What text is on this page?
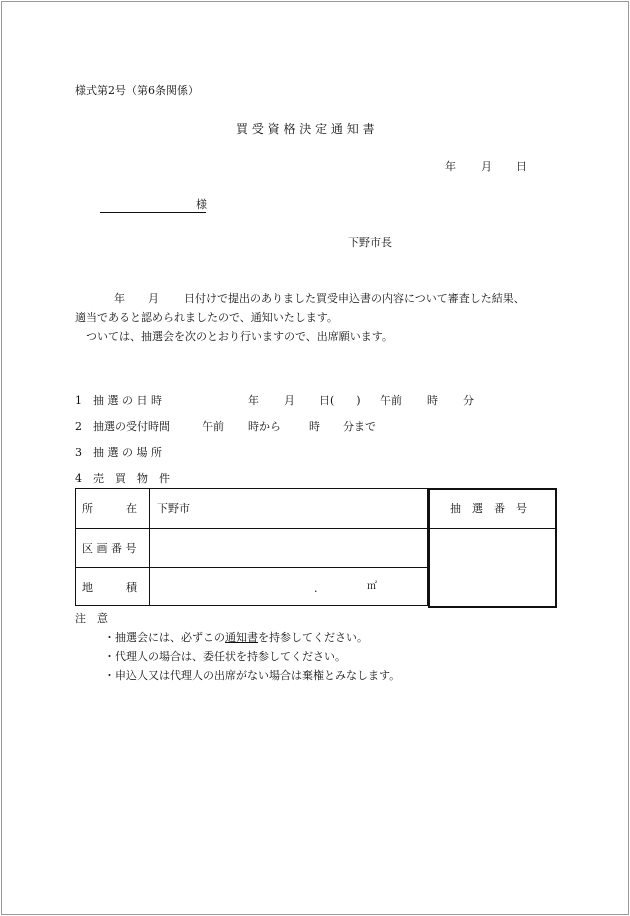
様式第2号（第6条関係）
買 受 資 格 決 定 通 知 書
年 月 日
様
下野市長
年 月 日付けで提出のありました買受申込書の内容について審査した結果、
適当であると認められましたので、通知いたします。
ついては、抽選会を次のとおり行いますので、出席願います。
1　抽 選 の 日 時	年 月 日(　　) 午前 時 分
2　抽選の受付時間	午前 時から	時 分まで
3　抽 選 の 場 所
4　売　買　物　件
所　　　在 下野市
区 画 番 号
地　　　積	.	㎡
抽　選　番　号
注　意
・抽選会には、必ずこの通知書を持参してください。
・代理人の場合は、委任状を持参してください。
・申込人又は代理人の出席がない場合は棄権とみなします。
